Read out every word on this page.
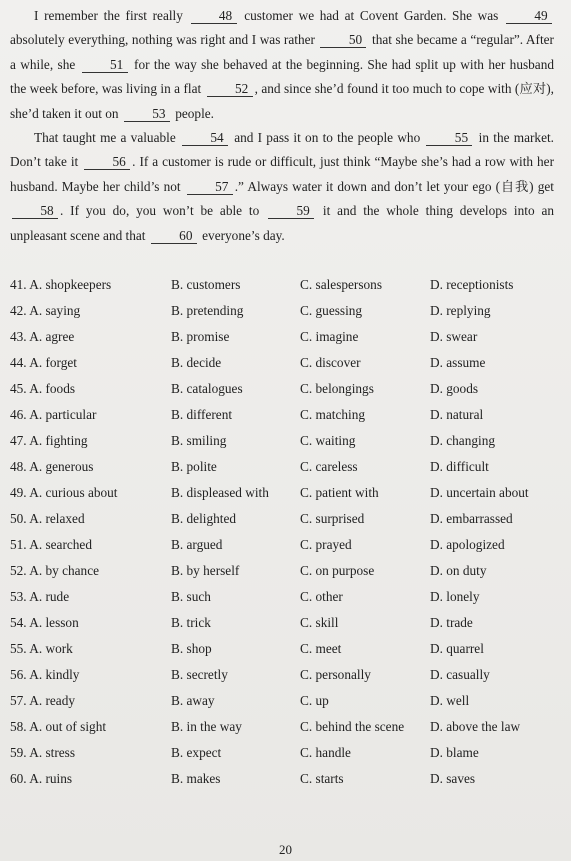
I remember the first really 48 customer we had at Covent Garden. She was 49 absolutely everything, nothing was right and I was rather 50 that she became a “regular”. After a while, she 51 for the way she behaved at the beginning. She had split up with her husband the week before, was living in a flat 52 , and since she’d found it too much to cope with (应对), she’d taken it out on 53 people.

That taught me a valuable 54 and I pass it on to the people who 55 in the market. Don’t take it 56 . If a customer is rude or difficult, just think “Maybe she’s had a row with her husband. Maybe her child’s not 57 .” Always water it down and don’t let your ego (自我) get 58 . If you do, you won’t be able to 59 it and the whole thing develops into an unpleasant scene and that 60 everyone’s day.

41. A. shopkeepers	B. customers	C. salespersons	D. receptionists
42. A. saying	B. pretending	C. guessing	D. replying
43. A. agree	B. promise	C. imagine	D. swear
44. A. forget	B. decide	C. discover	D. assume
45. A. foods	B. catalogues	C. belongings	D. goods
46. A. particular	B. different	C. matching	D. natural
47. A. fighting	B. smiling	C. waiting	D. changing
48. A. generous	B. polite	C. careless	D. difficult
49. A. curious about	B. displeased with C. patient with	D. uncertain about
50. A. relaxed	B. delighted	C. surprised	D. embarrassed
51. A. searched	B. argued	C. prayed	D. apologized
52. A. by chance	B. by herself	C. on purpose	D. on duty
53. A. rude	B. such	C. other	D. lonely
54. A. lesson	B. trick	C. skill	D. trade
55. A. work	B. shop	C. meet	D. quarrel
56. A. kindly	B. secretly	C. personally	D. casually
57. A. ready	B. away	C. up	D. well
58. A. out of sight	B. in the way	C. behind the scene D. above the law
59. A. stress	B. expect	C. handle	D. blame
60. A. ruins	B. makes	C. starts	D. saves
20
